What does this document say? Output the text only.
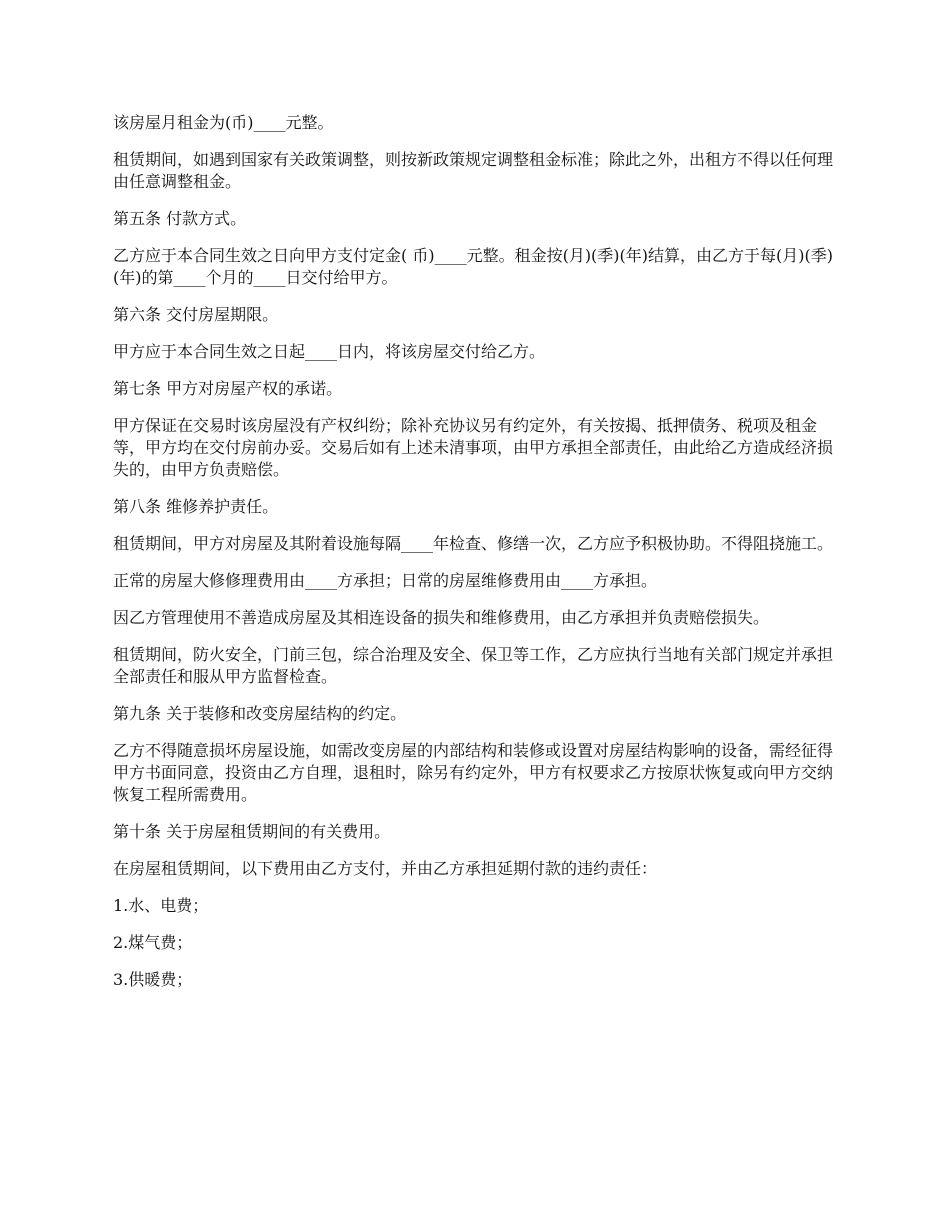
该房屋月租金为(币)____元整。

租赁期间，如遇到国家有关政策调整，则按新政策规定调整租金标准；除此之外，出租方不得以任何理由任意调整租金。

第五条 付款方式。

乙方应于本合同生效之日向甲方支付定金( 币)____元整。租金按(月)(季)(年)结算，由乙方于每(月)(季)(年)的第____个月的____日交付给甲方。

第六条 交付房屋期限。

甲方应于本合同生效之日起____日内，将该房屋交付给乙方。

第七条 甲方对房屋产权的承诺。

甲方保证在交易时该房屋没有产权纠纷；除补充协议另有约定外，有关按揭、抵押债务、税项及租金等，甲方均在交付房前办妥。交易后如有上述未清事项，由甲方承担全部责任，由此给乙方造成经济损失的，由甲方负责赔偿。

第八条 维修养护责任。

租赁期间，甲方对房屋及其附着设施每隔____年检查、修缮一次，乙方应予积极协助。不得阻挠施工。

正常的房屋大修修理费用由____方承担；日常的房屋维修费用由____方承担。

因乙方管理使用不善造成房屋及其相连设备的损失和维修费用，由乙方承担并负责赔偿损失。

租赁期间，防火安全，门前三包，综合治理及安全、保卫等工作，乙方应执行当地有关部门规定并承担全部责任和服从甲方监督检查。

第九条 关于装修和改变房屋结构的约定。

乙方不得随意损坏房屋设施，如需改变房屋的内部结构和装修或设置对房屋结构影响的设备，需经征得甲方书面同意，投资由乙方自理，退租时，除另有约定外，甲方有权要求乙方按原状恢复或向甲方交纳恢复工程所需费用。

第十条 关于房屋租赁期间的有关费用。

在房屋租赁期间，以下费用由乙方支付，并由乙方承担延期付款的违约责任：

1.水、电费；

2.煤气费；

3.供暖费；
